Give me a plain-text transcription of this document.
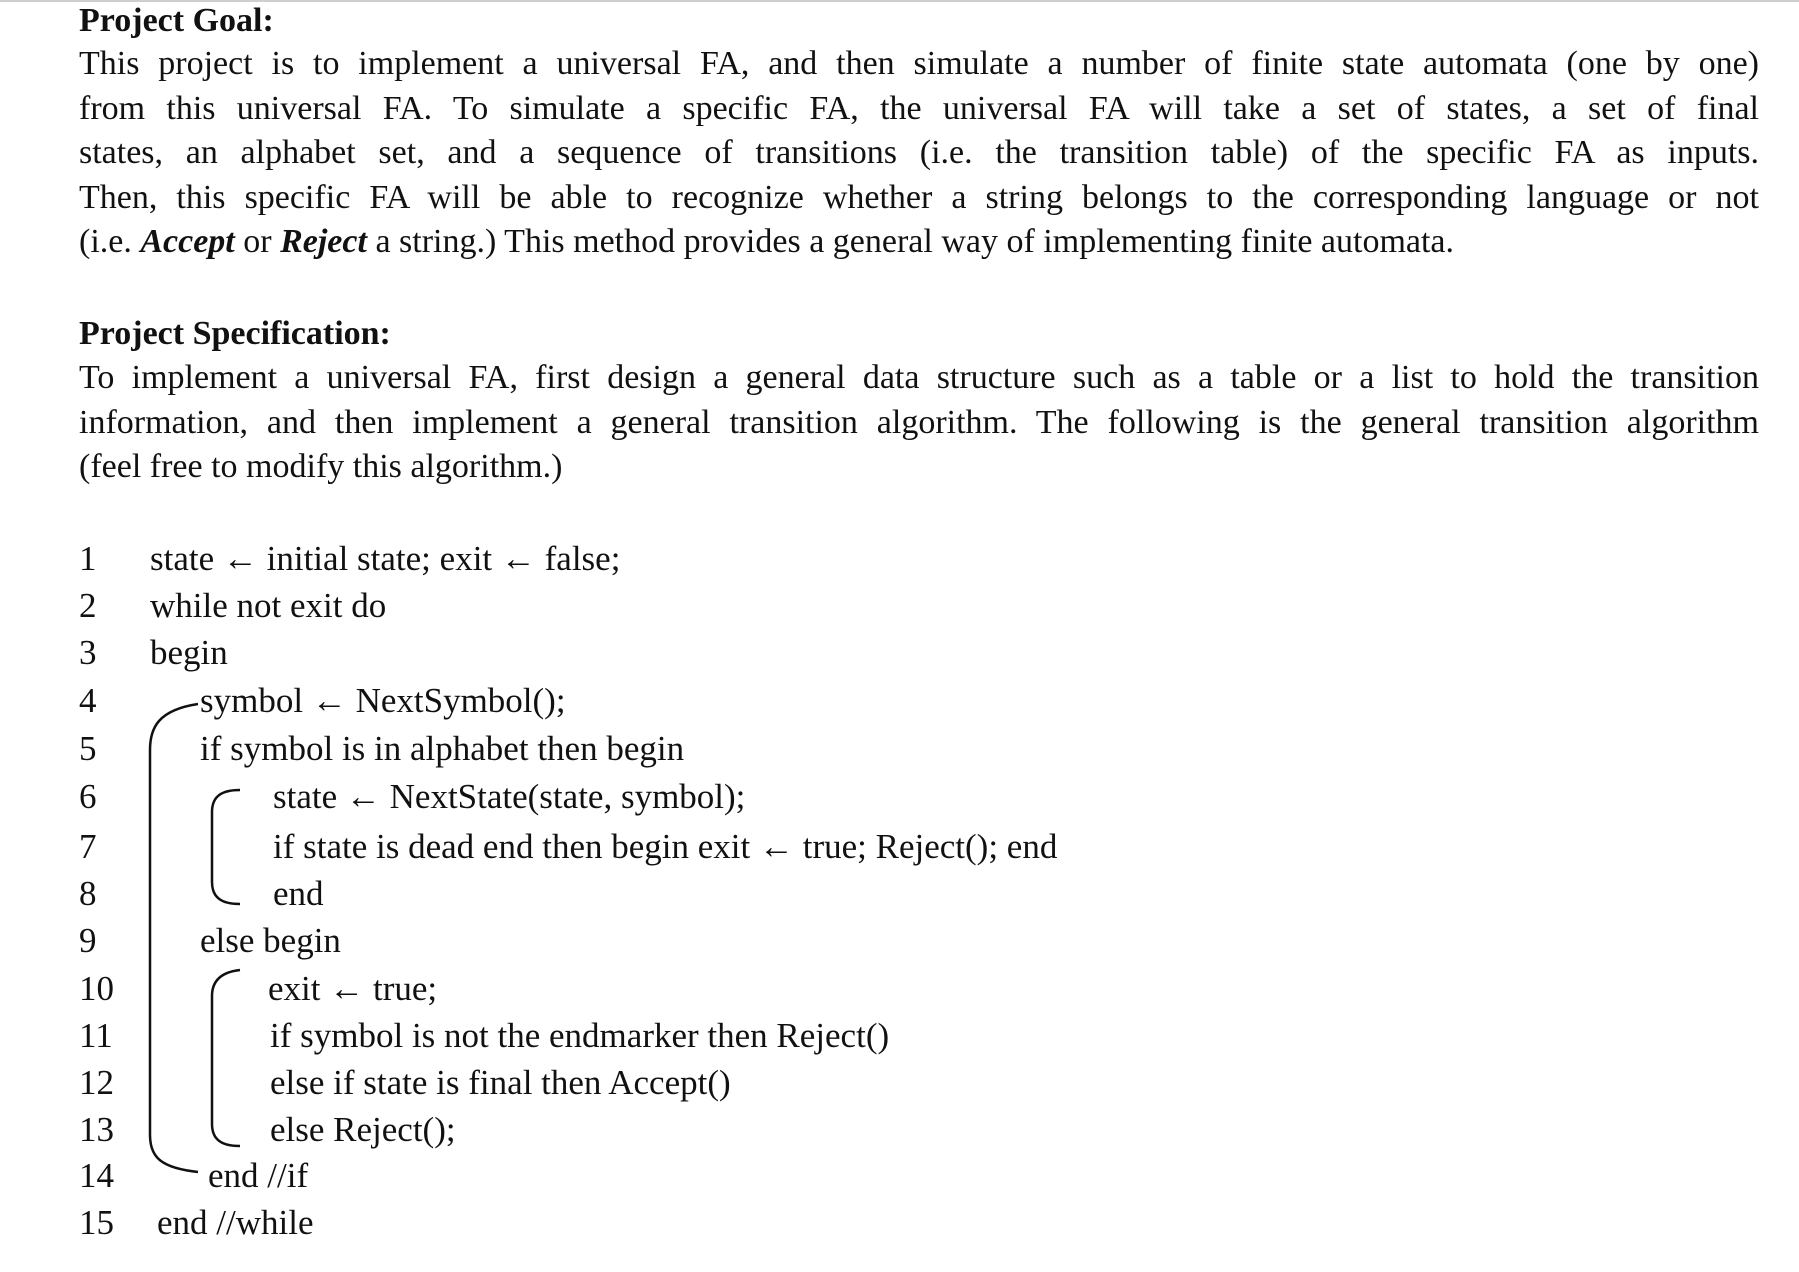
Project Goal:
This project is to implement a universal FA, and then simulate a number of finite state automata (one by one)
from this universal FA. To simulate a specific FA, the universal FA will take a set of states, a set of final
states, an alphabet set, and a sequence of transitions (i.e. the transition table) of the specific FA as inputs.
Then, this specific FA will be able to recognize whether a string belongs to the corresponding language or not
(i.e. Accept or Reject a string.) This method provides a general way of implementing finite automata.
Project Specification:
To implement a universal FA, first design a general data structure such as a table or a list to hold the transition
information, and then implement a general transition algorithm. The following is the general transition algorithm
(feel free to modify this algorithm.)
1 state ← initial state; exit ← false;
2 while not exit do
3 begin
4	symbol ← NextSymbol();
5	if symbol is in alphabet then begin
6	state ← NextState(state, symbol);
7	if state is dead end then begin exit ← true; Reject(); end
8	end
9	else begin
10	exit ← true;
11	if symbol is not the endmarker then Reject()
12	else if state is final then Accept()
13	else Reject();
14	end //if
15 end //while
